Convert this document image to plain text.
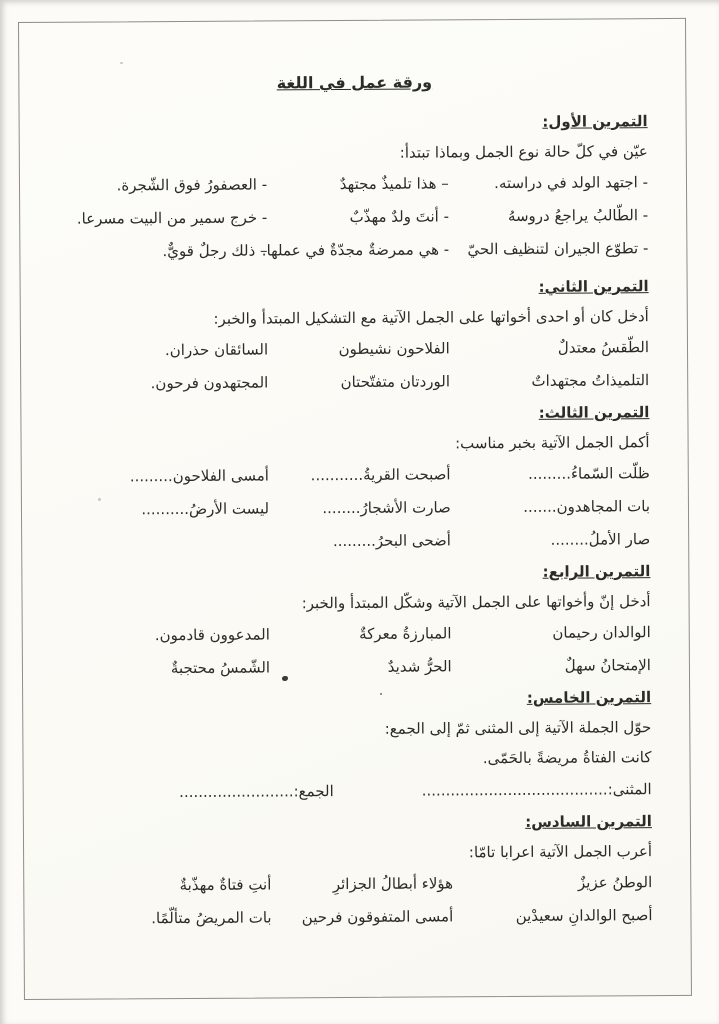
ورقة عمل في اللغة
التمرين الأول:
عيّن في كلّ حالة نوع الجمل وبماذا تبتدأ:
- اجتهد الولد في دراسته.
– هذا تلميذٌ مجتهدٌ
- العصفورُ فوق الشّجرة.
- الطّالبُ يراجعُ دروسهُ
- أنتَ ولدٌ مهذّبٌ
- خرج سمير من البيت مسرعا.
- تطوّع الجيران لتنظيف الحيّ
- هي ممرضةٌ مجدّةٌ في عملها.
– ذلك رجلٌ قويٌّ.
التمرين الثاني:
أدخل كان أو احدى أخواتها على الجمل الآتية مع التشكيل المبتدأ والخبر:
الطّقسُ معتدلٌ
الفلاحون نشيطون
السائقان حذران.
التلميذاتُ مجتهداتٌ
الوردتان متفتّحتان
المجتهدون فرحون.
التمرين الثالث:
أكمل الجمل الآتية بخبر مناسب:
ظلّت السّماءُ.........
أصبحت القريةُ...........
أمسى الفلاحون.........
بات المجاهدون.......
صارت الأشجارُ........
ليست الأرضُ..........
صار الأملُ........
أضحى البحرُ.........
التمرين الرابع:
أدخل إنّ وأخواتها على الجمل الآتية وشكّل المبتدأ والخبر:
الوالدان رحيمان
المبارزةُ معركةٌ
المدعوون قادمون.
الإمتحانُ سهلٌ
الحرُّ شديدٌ
الشّمسُ محتجبةٌ
التمرين الخامس:
حوّل الجملة الآتية إلى المثنى ثمّ إلى الجمع:
كانت الفتاةُ مريضةً بالحَمّى.
المثنى:.......................................
الجمع:........................
التمرين السادس:
أعرب الجمل الآتية اعرابا تامّا:
الوطنُ عزيزٌ
هؤلاء أبطالُ الجزائرِ
أنتِ فتاةٌ مهذّبةٌ
أصبح الوالدانِ سعيدْين
أمسى المتفوقون فرحين
بات المريضُ متألّمًا.
